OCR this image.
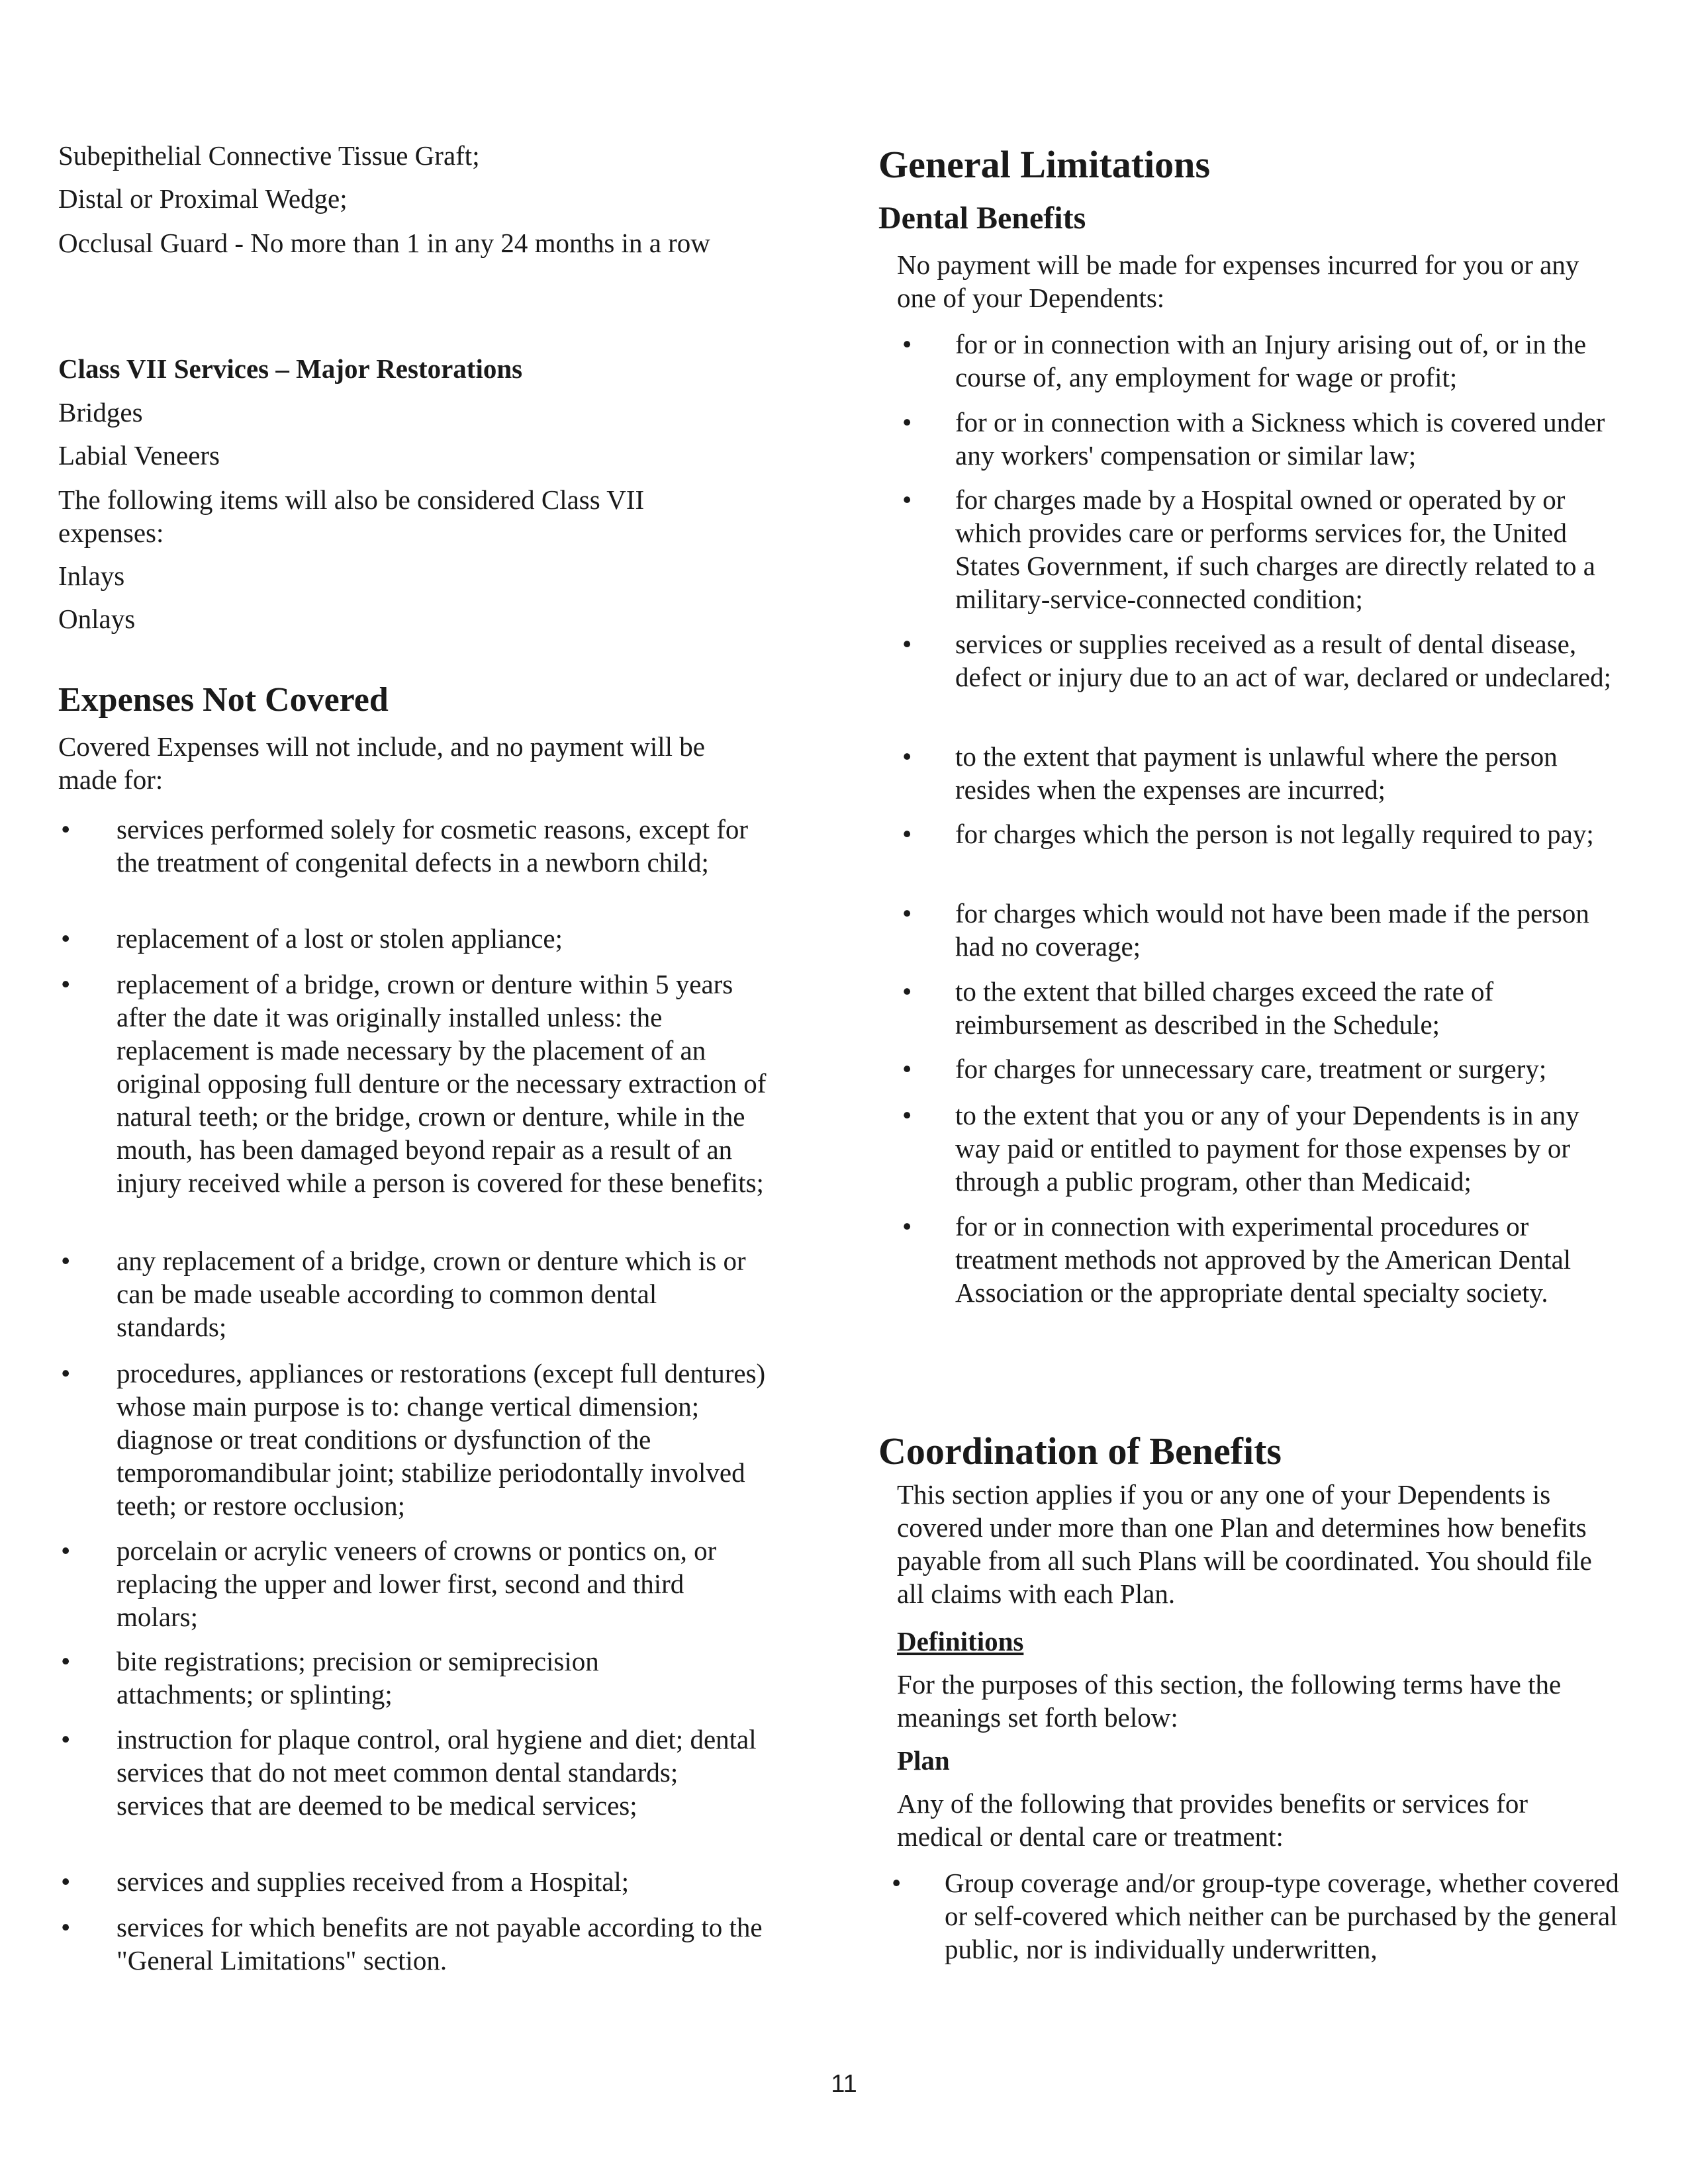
Subepithelial Connective Tissue Graft;
Distal or Proximal Wedge;
Occlusal Guard - No more than 1 in any 24 months in a row
Class VII Services – Major Restorations
Bridges
Labial Veneers
The following items will also be considered Class VII expenses:
Inlays
Onlays
Expenses Not Covered
Covered Expenses will not include, and no payment will be made for:
• services performed solely for cosmetic reasons, except for the treatment of congenital defects in a newborn child;
• replacement of a lost or stolen appliance;
• replacement of a bridge, crown or denture within 5 years after the date it was originally installed unless: the replacement is made necessary by the placement of an original opposing full denture or the necessary extraction of natural teeth; or the bridge, crown or denture, while in the mouth, has been damaged beyond repair as a result of an injury received while a person is covered for these benefits;
• any replacement of a bridge, crown or denture which is or can be made useable according to common dental standards;
• procedures, appliances or restorations (except full dentures) whose main purpose is to: change vertical dimension; diagnose or treat conditions or dysfunction of the temporomandibular joint; stabilize periodontally involved teeth; or restore occlusion;
• porcelain or acrylic veneers of crowns or pontics on, or replacing the upper and lower first, second and third molars;
• bite registrations; precision or semiprecision attachments; or splinting;
• instruction for plaque control, oral hygiene and diet; dental services that do not meet common dental standards; services that are deemed to be medical services;
• services and supplies received from a Hospital;
• services for which benefits are not payable according to the "General Limitations" section.
General Limitations
Dental Benefits
No payment will be made for expenses incurred for you or any one of your Dependents:
• for or in connection with an Injury arising out of, or in the course of, any employment for wage or profit;
• for or in connection with a Sickness which is covered under any workers' compensation or similar law;
• for charges made by a Hospital owned or operated by or which provides care or performs services for, the United States Government, if such charges are directly related to a military-service-connected condition;
• services or supplies received as a result of dental disease, defect or injury due to an act of war, declared or undeclared;
• to the extent that payment is unlawful where the person resides when the expenses are incurred;
• for charges which the person is not legally required to pay;
• for charges which would not have been made if the person had no coverage;
• to the extent that billed charges exceed the rate of reimbursement as described in the Schedule;
• for charges for unnecessary care, treatment or surgery;
• to the extent that you or any of your Dependents is in any way paid or entitled to payment for those expenses by or through a public program, other than Medicaid;
• for or in connection with experimental procedures or treatment methods not approved by the American Dental Association or the appropriate dental specialty society.
Coordination of Benefits
This section applies if you or any one of your Dependents is covered under more than one Plan and determines how benefits payable from all such Plans will be coordinated. You should file all claims with each Plan.
Definitions
For the purposes of this section, the following terms have the meanings set forth below:
Plan
Any of the following that provides benefits or services for medical or dental care or treatment:
• Group coverage and/or group-type coverage, whether covered or self-covered which neither can be purchased by the general public, nor is individually underwritten,
11
